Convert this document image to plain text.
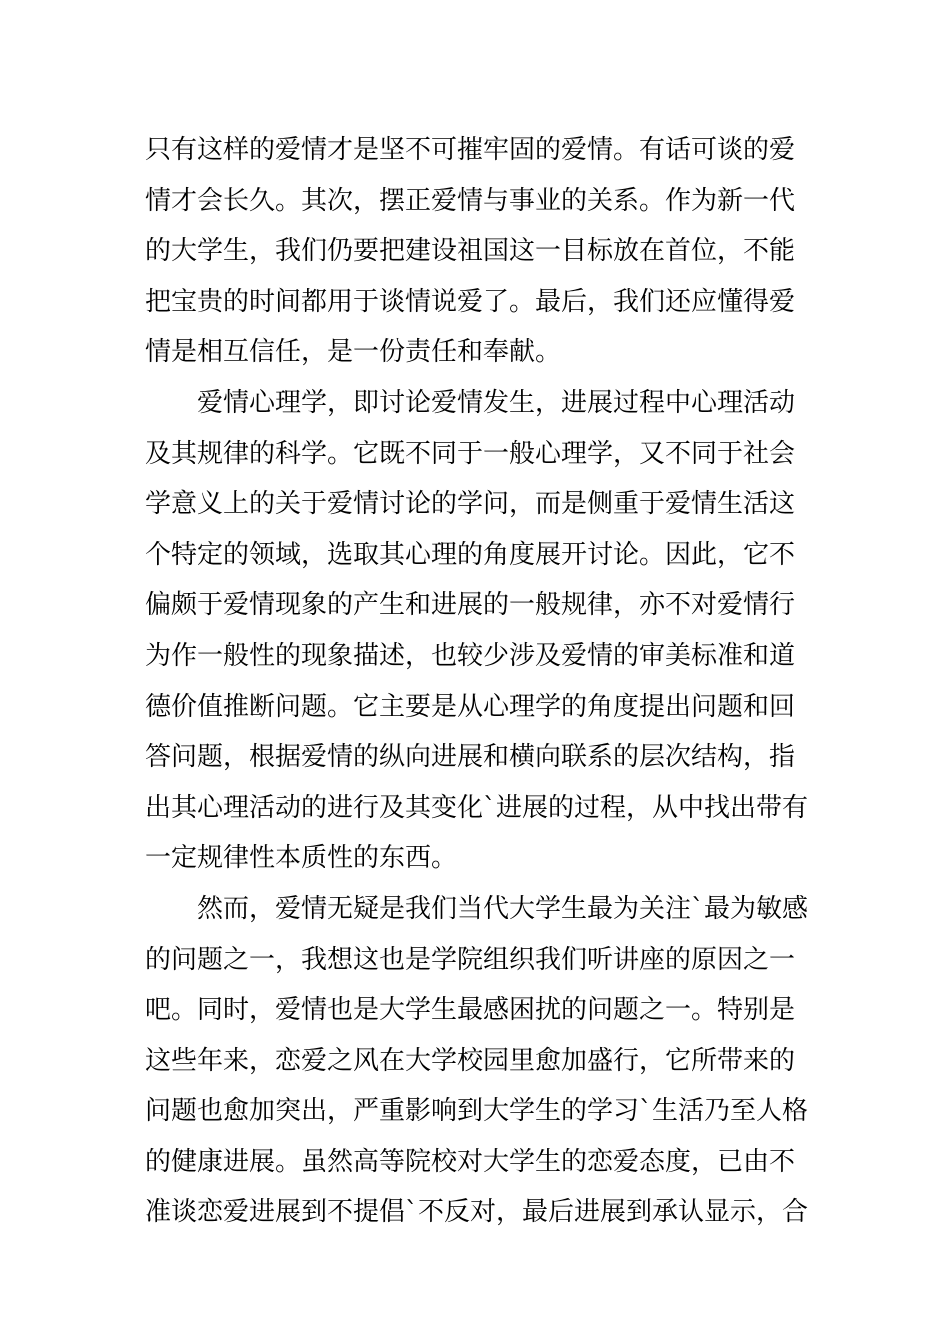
只有这样的爱情才是坚不可摧牢固的爱情。有话可谈的爱
情才会长久。其次，摆正爱情与事业的关系。作为新一代
的大学生，我们仍要把建设祖国这一目标放在首位，不能
把宝贵的时间都用于谈情说爱了。最后，我们还应懂得爱
情是相互信任，是一份责任和奉献。
爱情心理学，即讨论爱情发生，进展过程中心理活动
及其规律的科学。它既不同于一般心理学，又不同于社会
学意义上的关于爱情讨论的学问，而是侧重于爱情生活这
个特定的领域，选取其心理的角度展开讨论。因此，它不
偏颇于爱情现象的产生和进展的一般规律，亦不对爱情行
为作一般性的现象描述，也较少涉及爱情的审美标准和道
德价值推断问题。它主要是从心理学的角度提出问题和回
答问题，根据爱情的纵向进展和横向联系的层次结构，指
出其心理活动的进行及其变化`进展的过程，从中找出带有
一定规律性本质性的东西。
然而，爱情无疑是我们当代大学生最为关注`最为敏感
的问题之一，我想这也是学院组织我们听讲座的原因之一
吧。同时，爱情也是大学生最感困扰的问题之一。特别是
这些年来，恋爱之风在大学校园里愈加盛行，它所带来的
问题也愈加突出，严重影响到大学生的学习`生活乃至人格
的健康进展。虽然高等院校对大学生的恋爱态度，已由不
准谈恋爱进展到不提倡`不反对，最后进展到承认显示，合
